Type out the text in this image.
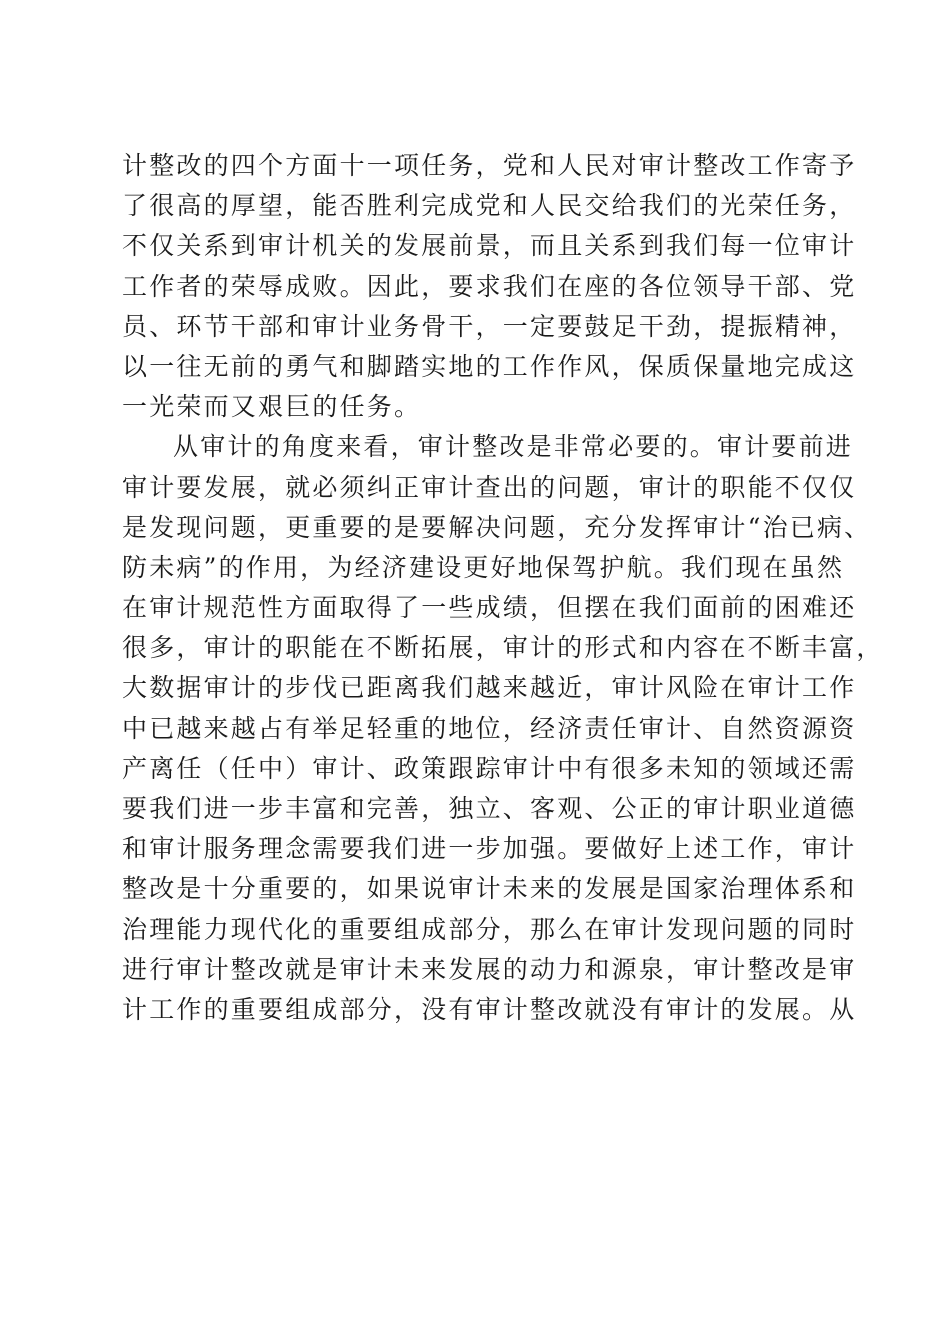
计整改的四个方面十一项任务，党和人民对审计整改工作寄予
了很高的厚望，能否胜利完成党和人民交给我们的光荣任务，
不仅关系到审计机关的发展前景，而且关系到我们每一位审计
工作者的荣辱成败。因此，要求我们在座的各位领导干部、党
员、环节干部和审计业务骨干，一定要鼓足干劲，提振精神，
以一往无前的勇气和脚踏实地的工作作风，保质保量地完成这
一光荣而又艰巨的任务。
从审计的角度来看，审计整改是非常必要的。审计要前进
审计要发展，就必须纠正审计查出的问题，审计的职能不仅仅
是发现问题，更重要的是要解决问题，充分发挥审计“治已病、
防未病”的作用，为经济建设更好地保驾护航。我们现在虽然
在审计规范性方面取得了一些成绩，但摆在我们面前的困难还
很多，审计的职能在不断拓展，审计的形式和内容在不断丰富，
大数据审计的步伐已距离我们越来越近，审计风险在审计工作
中已越来越占有举足轻重的地位，经济责任审计、自然资源资
产离任（任中）审计、政策跟踪审计中有很多未知的领域还需
要我们进一步丰富和完善，独立、客观、公正的审计职业道德
和审计服务理念需要我们进一步加强。要做好上述工作，审计
整改是十分重要的，如果说审计未来的发展是国家治理体系和
治理能力现代化的重要组成部分，那么在审计发现问题的同时
进行审计整改就是审计未来发展的动力和源泉，审计整改是审
计工作的重要组成部分，没有审计整改就没有审计的发展。从
